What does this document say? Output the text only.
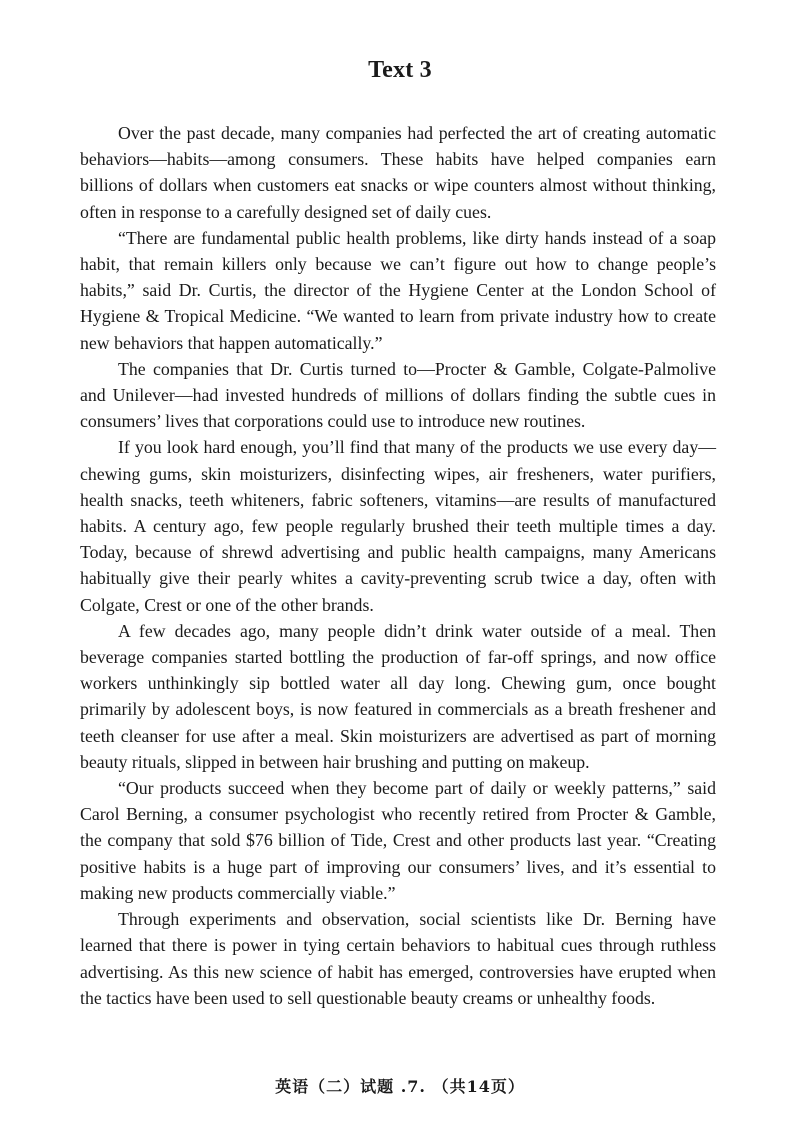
Text 3

Over the past decade, many companies had perfected the art of creating automatic behaviors—habits—among consumers. These habits have helped companies earn billions of dollars when customers eat snacks or wipe counters almost without thinking, often in response to a carefully designed set of daily cues.

“There are fundamental public health problems, like dirty hands instead of a soap habit, that remain killers only because we can’t figure out how to change people’s habits,” said Dr. Curtis, the director of the Hygiene Center at the London School of Hygiene & Tropical Medicine. “We wanted to learn from private industry how to create new behaviors that happen automatically.”

The companies that Dr. Curtis turned to—Procter & Gamble, Colgate-Palmolive and Unilever—had invested hundreds of millions of dollars finding the subtle cues in consumers’ lives that corporations could use to introduce new routines.

If you look hard enough, you’ll find that many of the products we use every day—chewing gums, skin moisturizers, disinfecting wipes, air fresheners, water purifiers, health snacks, teeth whiteners, fabric softeners, vitamins—are results of manufactured habits. A century ago, few people regularly brushed their teeth multiple times a day. Today, because of shrewd advertising and public health campaigns, many Americans habitually give their pearly whites a cavity-preventing scrub twice a day, often with Colgate, Crest or one of the other brands.

A few decades ago, many people didn’t drink water outside of a meal. Then beverage companies started bottling the production of far-off springs, and now office workers unthinkingly sip bottled water all day long. Chewing gum, once bought primarily by adolescent boys, is now featured in commercials as a breath freshener and teeth cleanser for use after a meal. Skin moisturizers are advertised as part of morning beauty rituals, slipped in between hair brushing and putting on makeup.

“Our products succeed when they become part of daily or weekly patterns,” said Carol Berning, a consumer psychologist who recently retired from Procter & Gamble, the company that sold $76 billion of Tide, Crest and other products last year. “Creating positive habits is a huge part of improving our consumers’ lives, and it’s essential to making new products commercially viable.”

Through experiments and observation, social scientists like Dr. Berning have learned that there is power in tying certain behaviors to habitual cues through ruthless advertising. As this new science of habit has emerged, controversies have erupted when the tactics have been used to sell questionable beauty creams or unhealthy foods.

英语（二）试题 .7. （共14页）
